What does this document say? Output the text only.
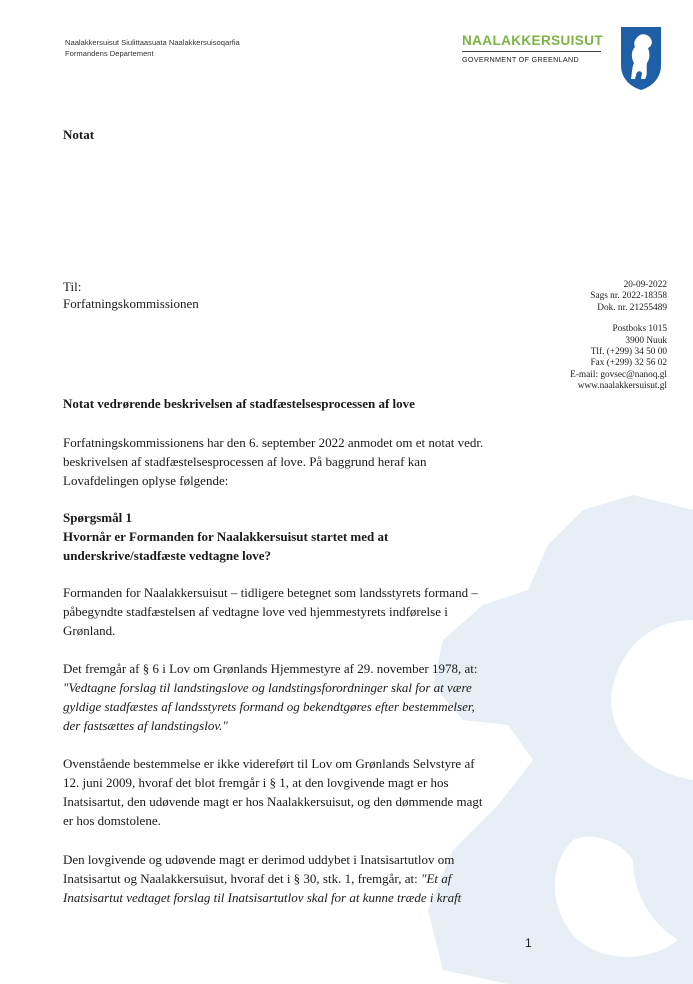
Naalakkersuisut Siulittaasuata Naalakkersuisoqarfia
Formandens Departement
NAALAKKERSUISUT
GOVERNMENT OF GREENLAND
Notat
Til:
Forfatningskommissionen
20-09-2022
Sags nr. 2022-18358
Dok. nr. 21255489
Postboks 1015
3900 Nuuk
Tlf. (+299) 34 50 00
Fax (+299) 32 56 02
E-mail: govsec@nanoq.gl
www.naalakkersuisut.gl
Notat vedrørende beskrivelsen af stadfæstelsesprocessen af love
Forfatningskommissionens har den 6. september 2022 anmodet om et notat vedr.
beskrivelsen af stadfæstelsesprocessen af love. På baggrund heraf kan
Lovafdelingen oplyse følgende:
Spørgsmål 1
Hvornår er Formanden for Naalakkersuisut startet med at
underskrive/stadfæste vedtagne love?
Formanden for Naalakkersuisut – tidligere betegnet som landsstyrets formand –
påbegyndte stadfæstelsen af vedtagne love ved hjemmestyrets indførelse i
Grønland.
Det fremgår af § 6 i Lov om Grønlands Hjemmestyre af 29. november 1978, at:
"Vedtagne forslag til landstingslove og landstingsforordninger skal for at være
gyldige stadfæstes af landsstyrets formand og bekendtgøres efter bestemmelser,
der fastsættes af landstingslov."
Ovenstående bestemmelse er ikke videreført til Lov om Grønlands Selvstyre af
12. juni 2009, hvoraf det blot fremgår i § 1, at den lovgivende magt er hos
Inatsisartut, den udøvende magt er hos Naalakkersuisut, og den dømmende magt
er hos domstolene.
Den lovgivende og udøvende magt er derimod uddybet i Inatsisartutlov om
Inatsisartut og Naalakkersuisut, hvoraf det i § 30, stk. 1, fremgår, at: "Et af
Inatsisartut vedtaget forslag til Inatsisartutlov skal for at kunne træde i kraft
1
